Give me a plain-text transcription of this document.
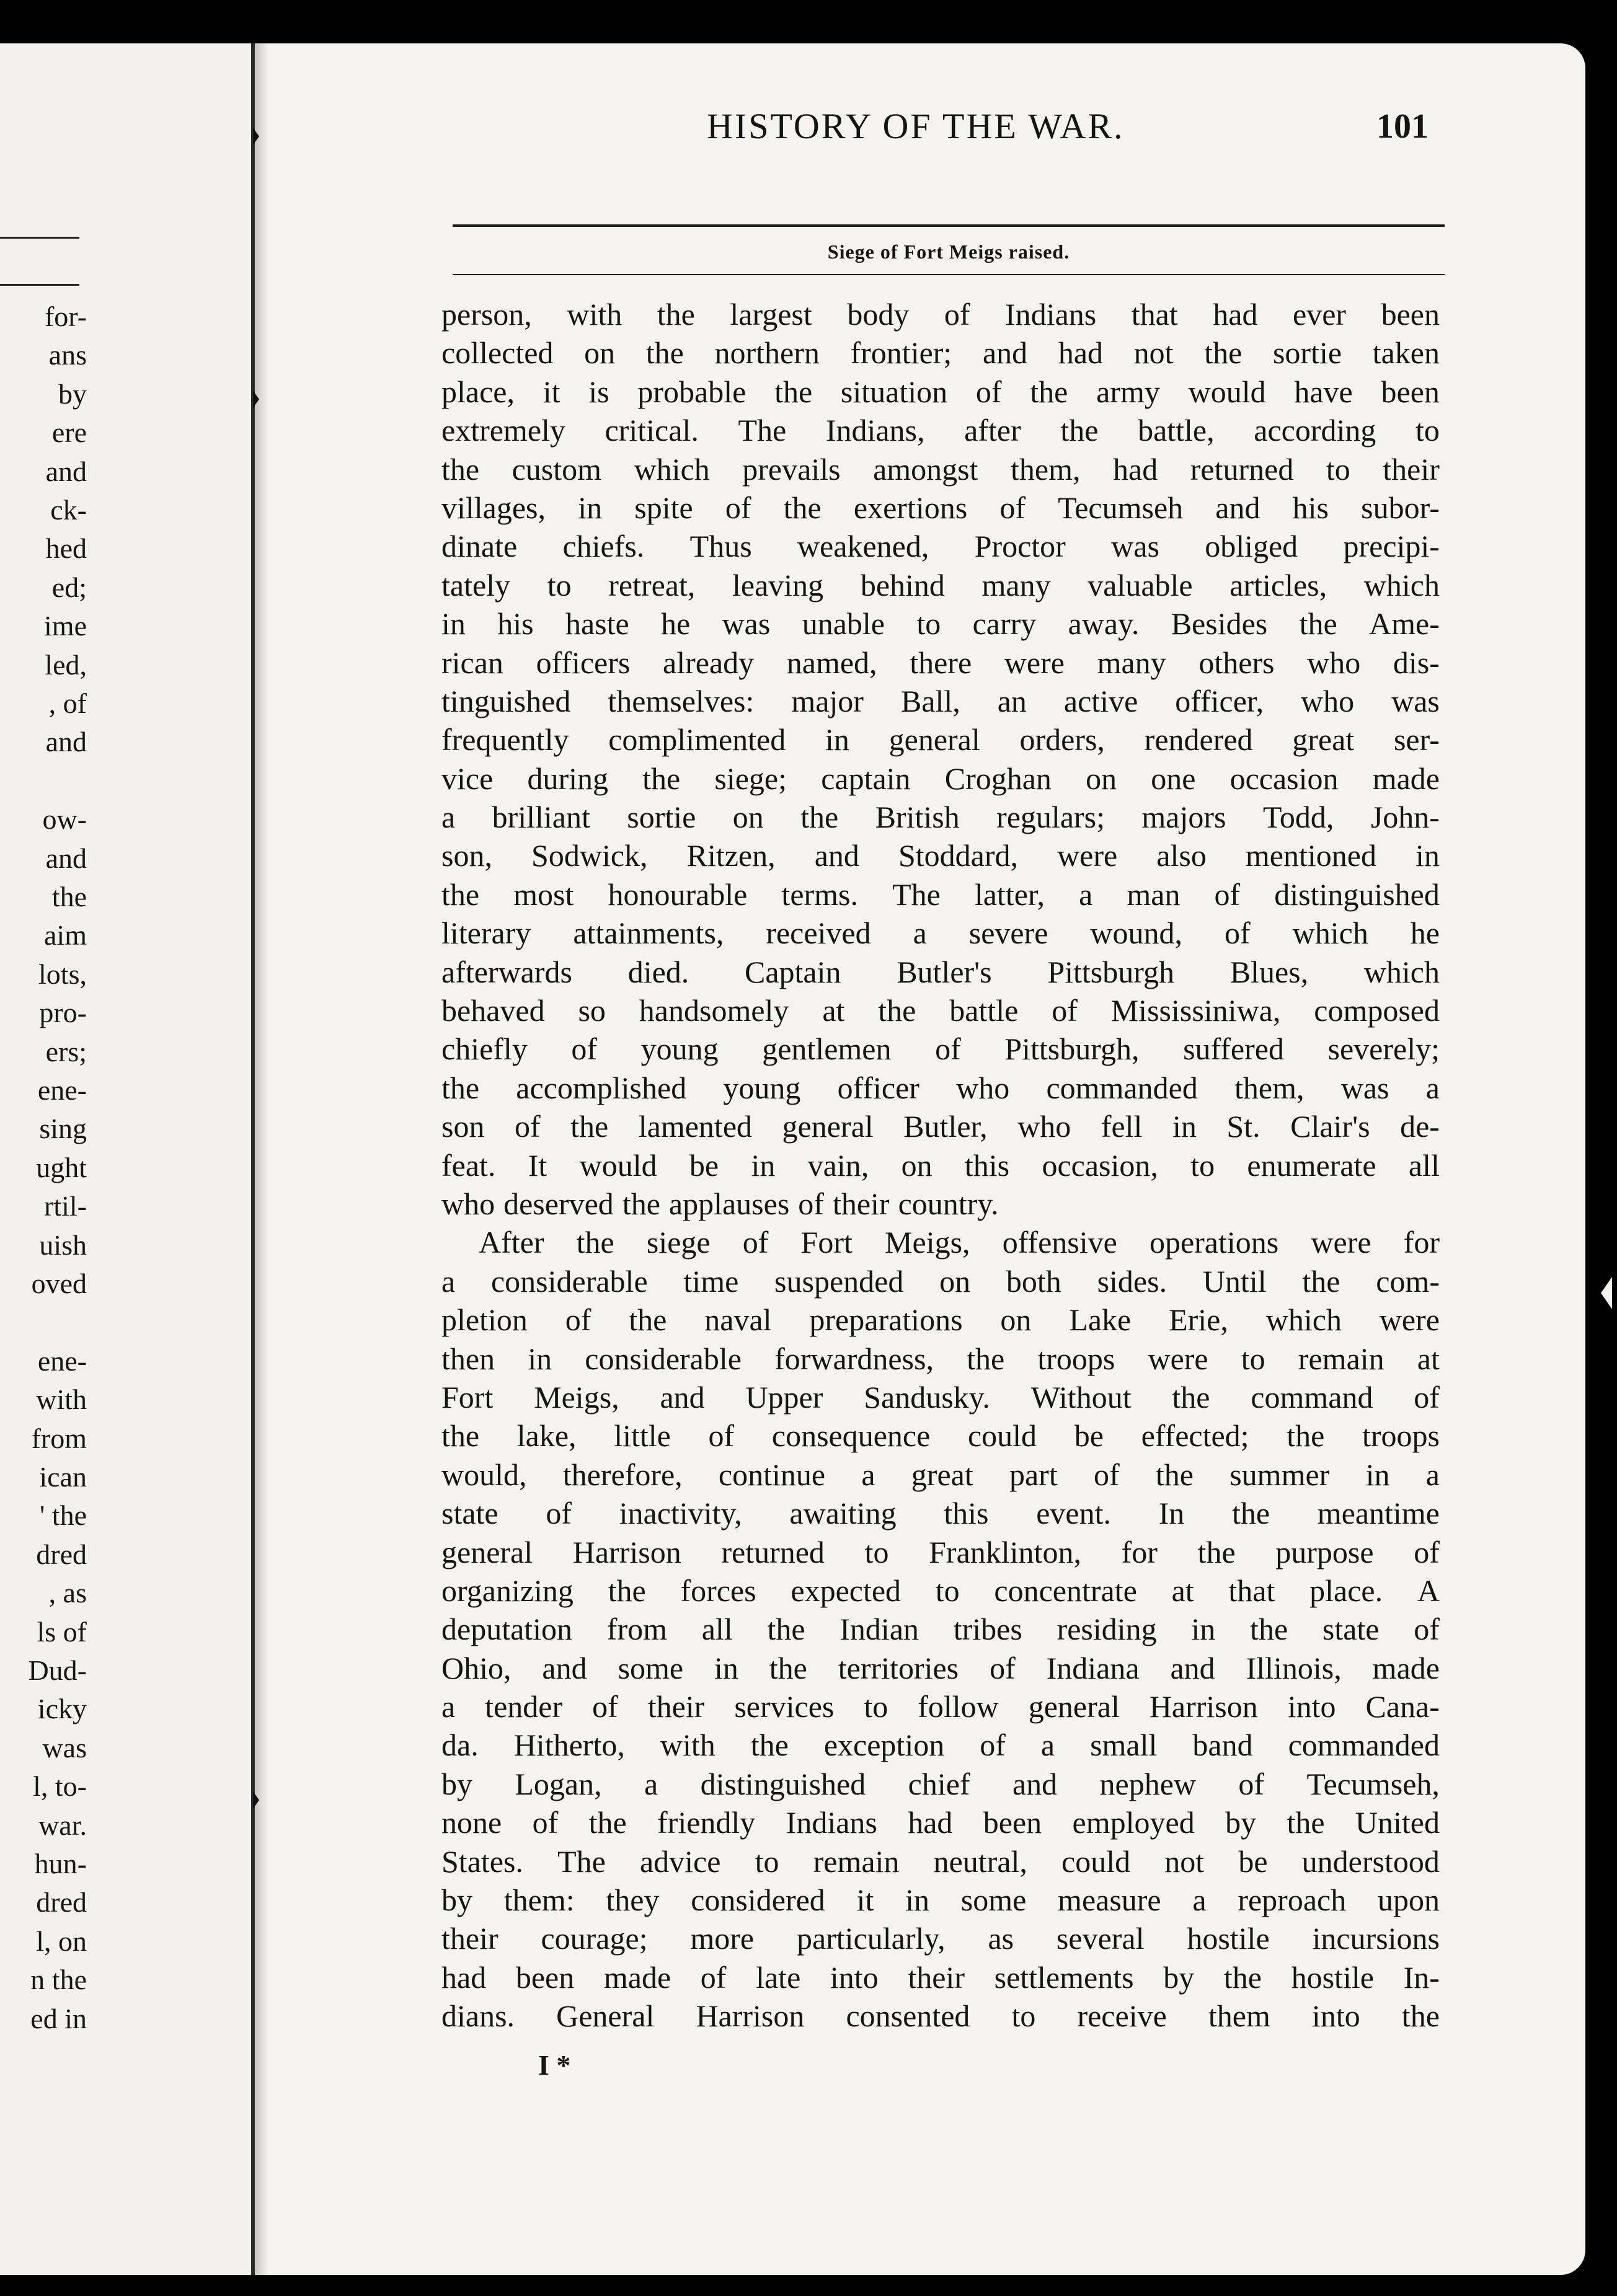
for-
ans
by
ere
and
ck-
hed
ed;
ime
led,
, of
and
ow-
and
the
aim
lots,
pro-
ers;
ene-
sing
ught
rtil-
uish
oved
ene-
with
from
ican
' the
dred
, as
ls of
Dud-
icky
was
l, to-
war.
hun-
dred
l, on
n the
ed in
HISTORY OF THE WAR.	101
Siege of Fort Meigs raised.
person, with the largest body of Indians that had ever been
collected on the northern frontier; and had not the sortie taken
place, it is probable the situation of the army would have been
extremely critical. The Indians, after the battle, according to
the custom which prevails amongst them, had returned to their
villages, in spite of the exertions of Tecumseh and his subor-
dinate chiefs. Thus weakened, Proctor was obliged precipi-
tately to retreat, leaving behind many valuable articles, which
in his haste he was unable to carry away. Besides the Ame-
rican officers already named, there were many others who dis-
tinguished themselves: major Ball, an active officer, who was
frequently complimented in general orders, rendered great ser-
vice during the siege; captain Croghan on one occasion made
a brilliant sortie on the British regulars; majors Todd, John-
son, Sodwick, Ritzen, and Stoddard, were also mentioned in
the most honourable terms. The latter, a man of distinguished
literary attainments, received a severe wound, of which he
afterwards died. Captain Butler's Pittsburgh Blues, which
behaved so handsomely at the battle of Mississiniwa, composed
chiefly of young gentlemen of Pittsburgh, suffered severely;
the accomplished young officer who commanded them, was a
son of the lamented general Butler, who fell in St. Clair's de-
feat. It would be in vain, on this occasion, to enumerate all
who deserved the applauses of their country.
After the siege of Fort Meigs, offensive operations were for
a considerable time suspended on both sides. Until the com-
pletion of the naval preparations on Lake Erie, which were
then in considerable forwardness, the troops were to remain at
Fort Meigs, and Upper Sandusky. Without the command of
the lake, little of consequence could be effected; the troops
would, therefore, continue a great part of the summer in a
state of inactivity, awaiting this event. In the meantime
general Harrison returned to Franklinton, for the purpose of
organizing the forces expected to concentrate at that place. A
deputation from all the Indian tribes residing in the state of
Ohio, and some in the territories of Indiana and Illinois, made
a tender of their services to follow general Harrison into Cana-
da. Hitherto, with the exception of a small band commanded
by Logan, a distinguished chief and nephew of Tecumseh,
none of the friendly Indians had been employed by the United
States. The advice to remain neutral, could not be understood
by them: they considered it in some measure a reproach upon
their courage; more particularly, as several hostile incursions
had been made of late into their settlements by the hostile In-
dians. General Harrison consented to receive them into the
I *
